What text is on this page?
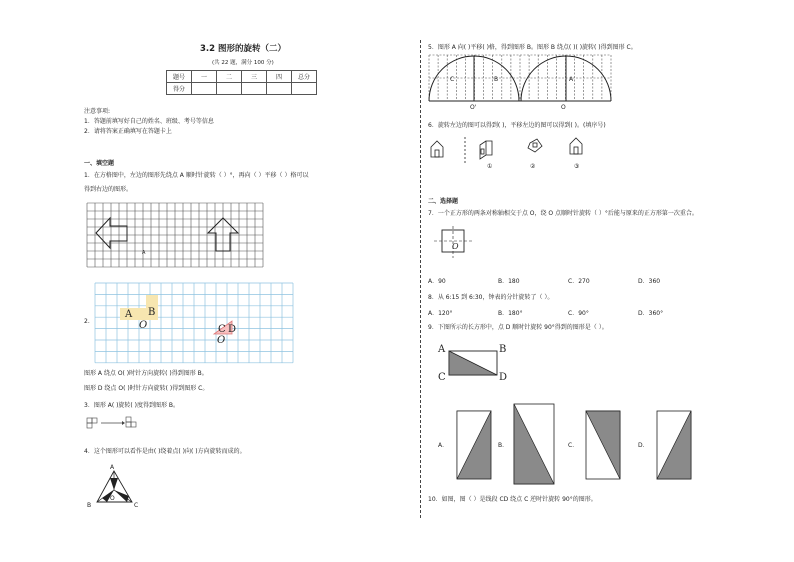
3.2 图形的旋转（二）
(共 22 题，满分 100 分)
题号	一	二	三	四	总分
得分					
注意事项:
1．答题前填写好自己的姓名、班级、考号等信息
2．请将答案正确填写在答题卡上
一、填空题
1．在方格图中，左边的图形先绕点 A 顺时针旋转（ ）°，再向（ ）平移（ ）格可以
得到右边的图形。
A
2.
A B
O	C D
O
图形 A 绕点 O( )时针方向旋转( )得到图形 B。
图形 D 绕点 O( )时针方向旋转( )得到图形 C。
3．图形 A( )旋转( )度得到图形 B。
4．这个图形可以看作是由( )绕着点( )向( )方向旋转而成的。
A
O
B	C
5．图形 A 向( )平移( )格，得到图形 B。图形 B 绕点( )( )旋转( )得到图形 C。
C	B	A
O'	O
6．旋转左边的图可以得到( )，平移左边的图可以得到( )。(填序号)
①	②	③
二、选择题
7．一个正方形的两条对称轴相交于点 O，绕 O 点顺时针旋转（ ）°后能与原来的正方形第一次重合。
O
A．90	B．180	C．270	D．360
8．从 6:15 到 6:30，钟表的分针旋转了（ ）。
A．120°	B．180°	C．90°	D．360°
9．下图所示的长方形中，点 D 顺时针旋转 90°得到的图形是（ ）。
A	B
C	D
A．	B．	C．	D．
10．如图，图（ ）是线段 CD 绕点 C 逆时针旋转 90°的图形。
